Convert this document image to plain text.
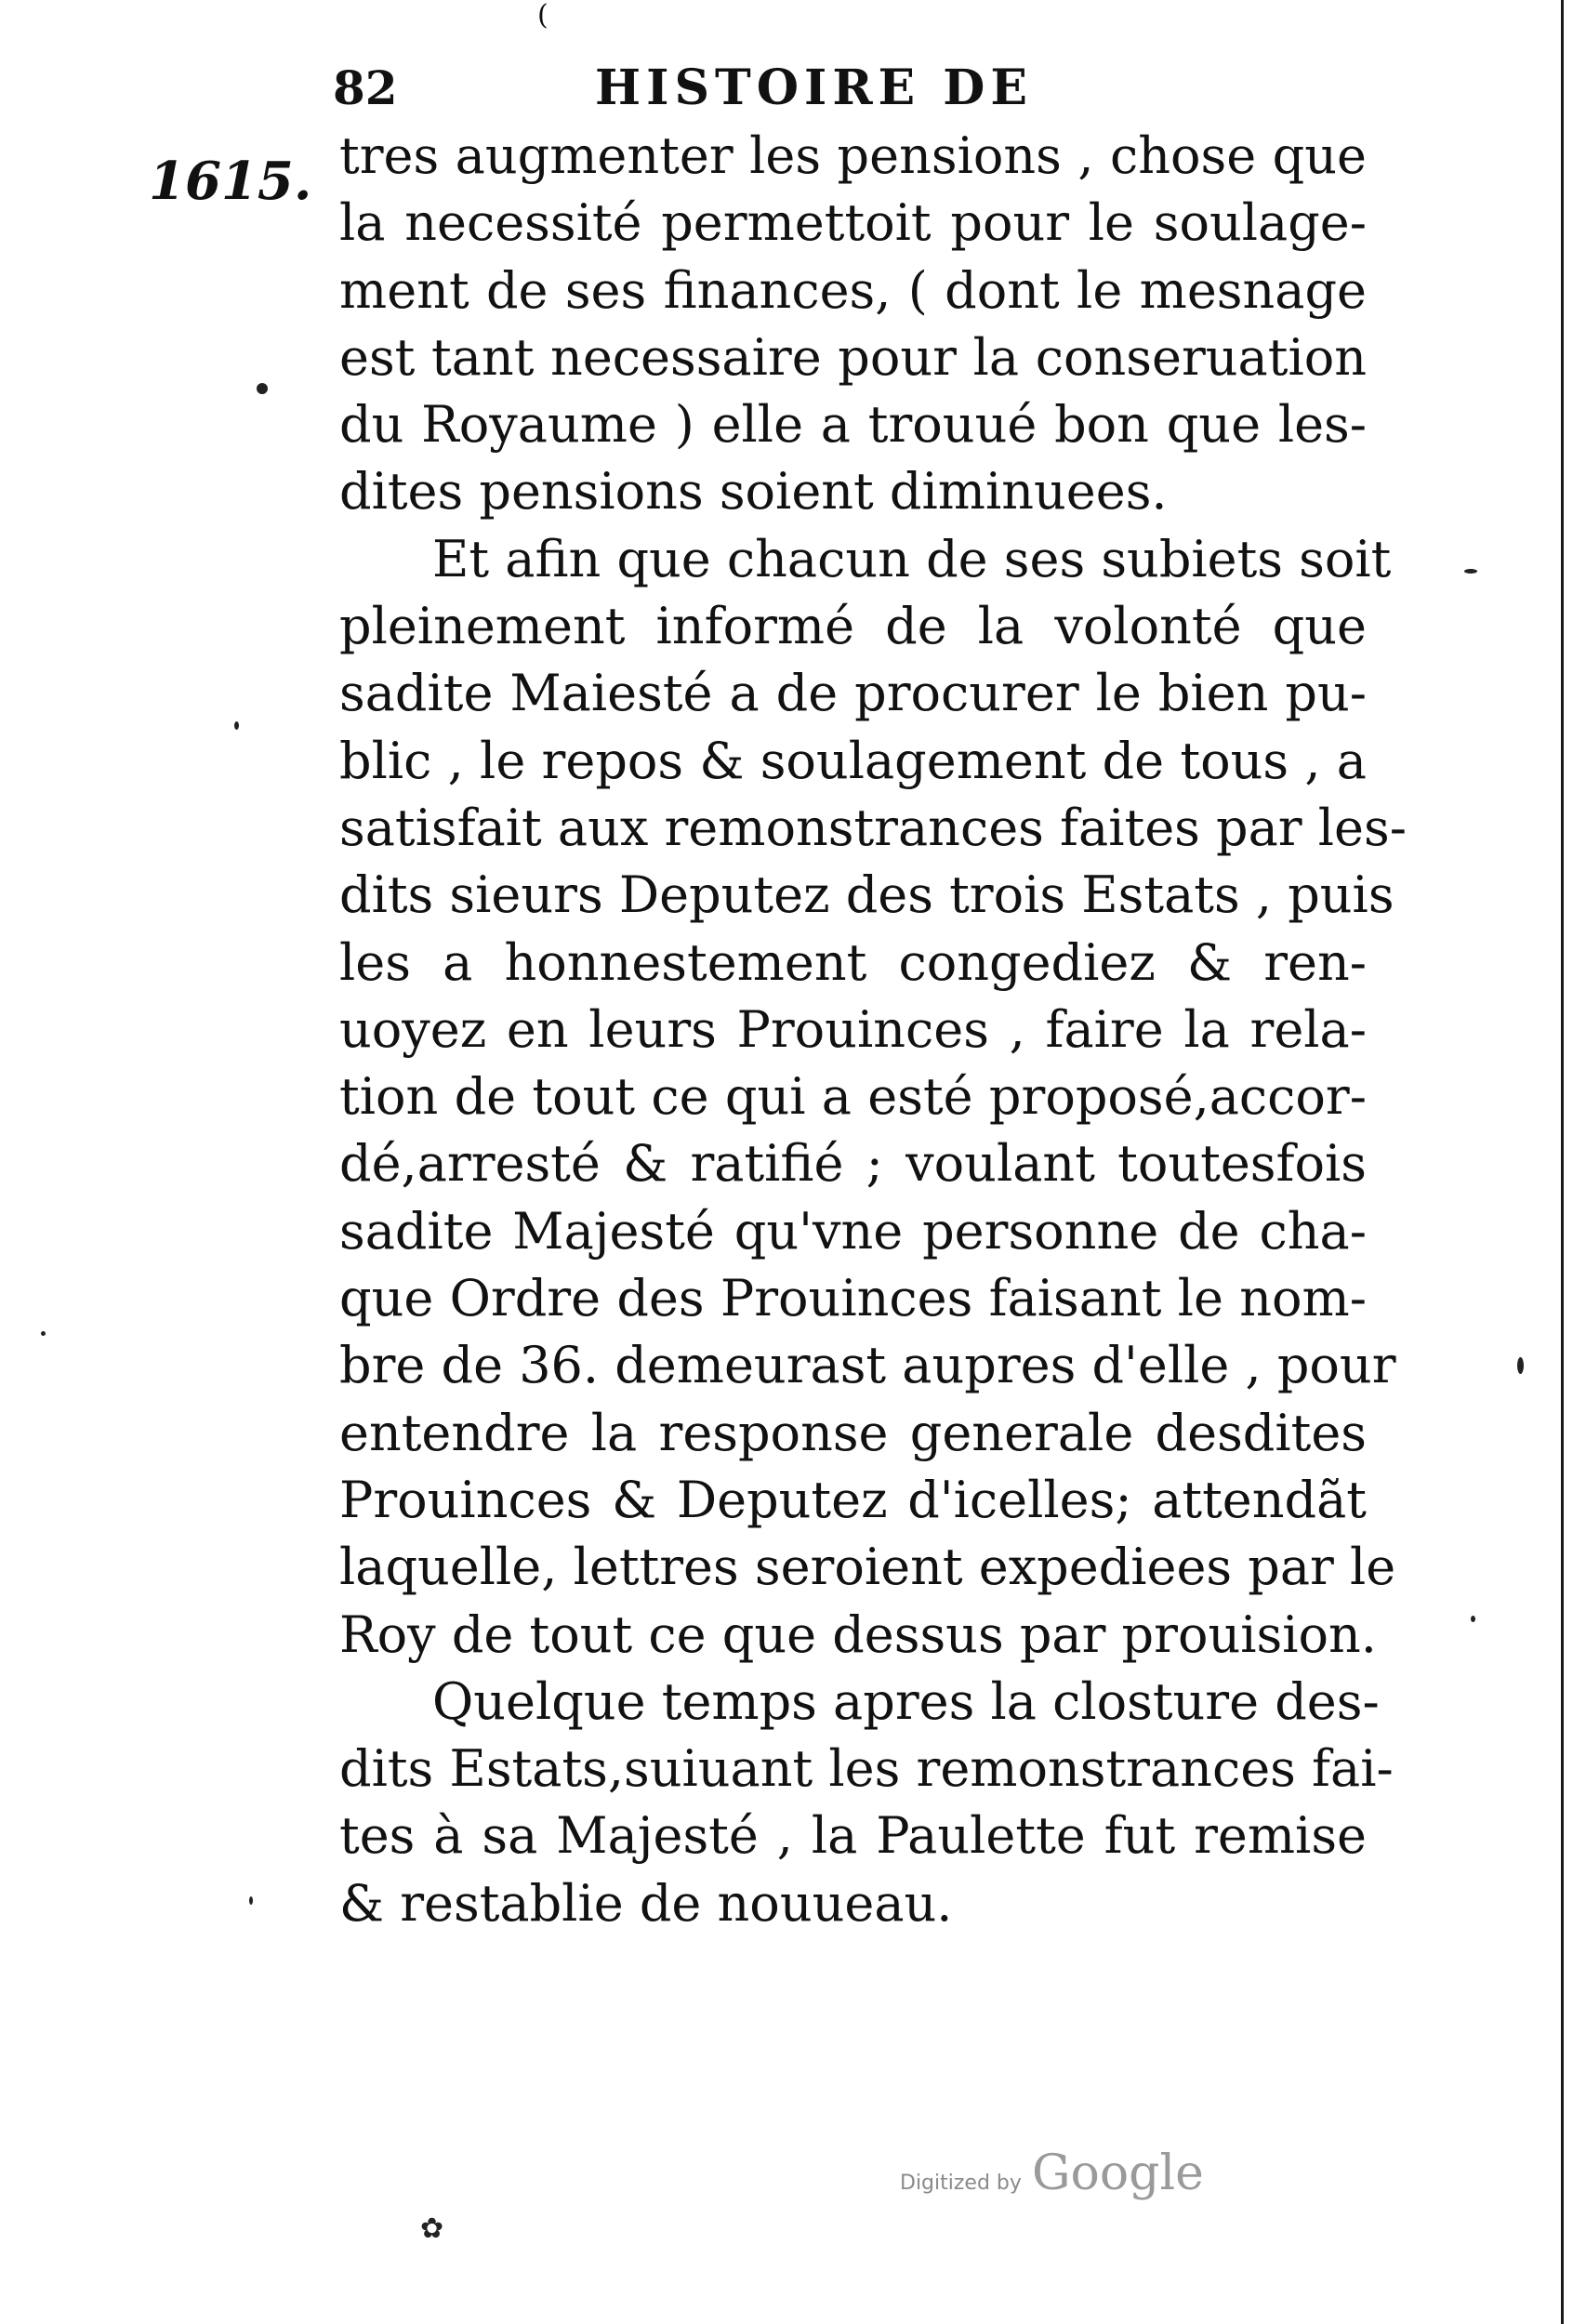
(
82	HISTOIRE DE
1615. tres augmenter les pensions , chose que
la necessité permettoit pour le soulage-
ment de ses finances, ( dont le mesnage
est tant necessaire pour la conseruation
du Royaume ) elle a trouué bon que les-
dites pensions soient diminuees.
Et afin que chacun de ses subiets soit
pleinement informé de la volonté que
sadite Maiesté a de procurer le bien pu-
blic , le repos & soulagement de tous , a
satisfait aux remonstrances faites par les-
dits sieurs Deputez des trois Estats , puis
les a honnestement congediez & ren-
uoyez en leurs Prouinces , faire la rela-
tion de tout ce qui a esté proposé,accor-
dé,arresté & ratifié ; voulant toutesfois
sadite Majesté qu'vne personne de cha-
que Ordre des Prouinces faisant le nom-
bre de 36. demeurast aupres d'elle , pour
entendre la response generale desdites
Prouinces & Deputez d'icelles; attendãt
laquelle, lettres seroient expediees par le
Roy de tout ce que dessus par prouision.
Quelque temps apres la closture des-
dits Estats,suiuant les remonstrances fai-
tes à sa Majesté , la Paulette fut remise
& restablie de nouueau.
✿
Digitized by Google
